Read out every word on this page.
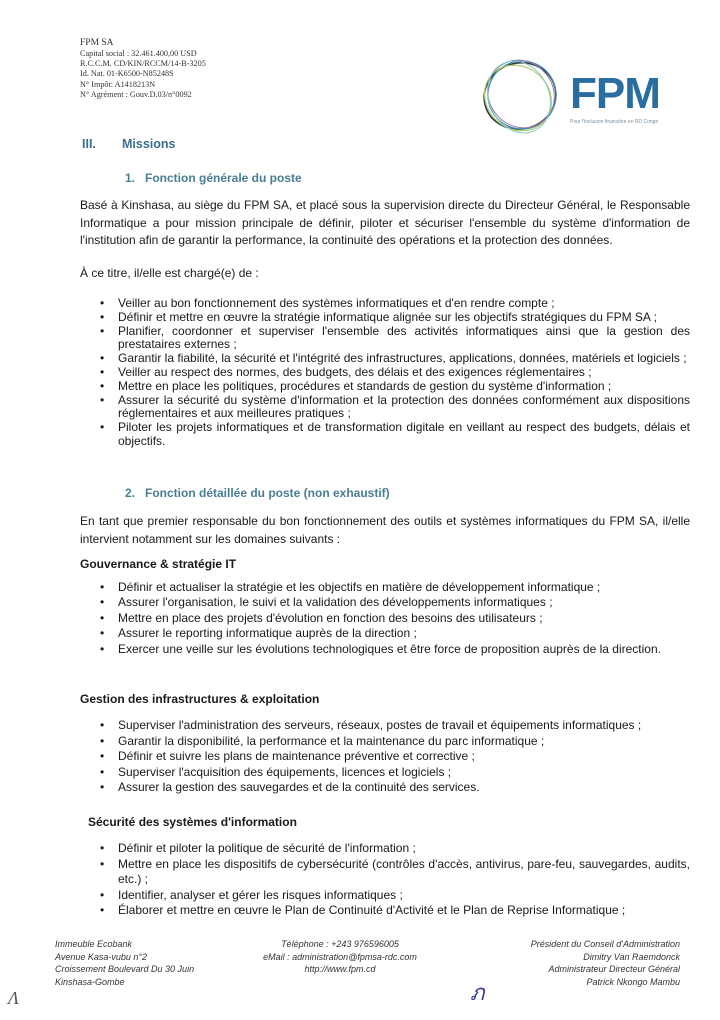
FPM SA
Capital social : 32.461.400,00 USD
R.C.C.M. CD/KIN/RCCM/14-B-3205
Id. Nat. 01-K6500-N85248S
N° Impôt: A1418213N
N° Agrément : Gouv.D.03/n°0092	FPM
Pour l'inclusion financière en RD Congo
III. Missions
1. Fonction générale du poste
Basé à Kinshasa, au siège du FPM SA, et placé sous la supervision directe du Directeur Général, le Responsable Informatique a pour mission principale de définir, piloter et sécuriser l'ensemble du système d'information de l'institution afin de garantir la performance, la continuité des opérations et la protection des données.
À ce titre, il/elle est chargé(e) de :
• Veiller au bon fonctionnement des systèmes informatiques et d'en rendre compte ;
• Définir et mettre en œuvre la stratégie informatique alignée sur les objectifs stratégiques du FPM SA ;
• Planifier, coordonner et superviser l'ensemble des activités informatiques ainsi que la gestion des prestataires externes ;
• Garantir la fiabilité, la sécurité et l'intégrité des infrastructures, applications, données, matériels et logiciels ;
• Veiller au respect des normes, des budgets, des délais et des exigences réglementaires ;
• Mettre en place les politiques, procédures et standards de gestion du système d'information ;
• Assurer la sécurité du système d'information et la protection des données conformément aux dispositions réglementaires et aux meilleures pratiques ;
• Piloter les projets informatiques et de transformation digitale en veillant au respect des budgets, délais et objectifs.
2. Fonction détaillée du poste (non exhaustif)
En tant que premier responsable du bon fonctionnement des outils et systèmes informatiques du FPM SA, il/elle intervient notamment sur les domaines suivants :
Gouvernance & stratégie IT
• Définir et actualiser la stratégie et les objectifs en matière de développement informatique ;
• Assurer l'organisation, le suivi et la validation des développements informatiques ;
• Mettre en place des projets d'évolution en fonction des besoins des utilisateurs ;
• Assurer le reporting informatique auprès de la direction ;
• Exercer une veille sur les évolutions technologiques et être force de proposition auprès de la direction.
Gestion des infrastructures & exploitation
• Superviser l'administration des serveurs, réseaux, postes de travail et équipements informatiques ;
• Garantir la disponibilité, la performance et la maintenance du parc informatique ;
• Définir et suivre les plans de maintenance préventive et corrective ;
• Superviser l'acquisition des équipements, licences et logiciels ;
• Assurer la gestion des sauvegardes et de la continuité des services.
Sécurité des systèmes d'information
• Définir et piloter la politique de sécurité de l'information ;
• Mettre en place les dispositifs de cybersécurité (contrôles d'accès, antivirus, pare-feu, sauvegardes, audits, etc.) ;
• Identifier, analyser et gérer les risques informatiques ;
• Élaborer et mettre en œuvre le Plan de Continuité d'Activité et le Plan de Reprise Informatique ;
Immeuble Ecobank
Avenue Kasa-vubu n°2
Croissement Boulevard Du 30 Juin
Kinshasa-Gombe
Téléphone : +243 976596005
eMail : administration@fpmsa-rdc.com
http://www.fpm.cd
Président du Conseil d'Administration
Dimitry Van Raemdonck
Administrateur Directeur Général
Patrick Nkongo Mambu
ภ
Λ
